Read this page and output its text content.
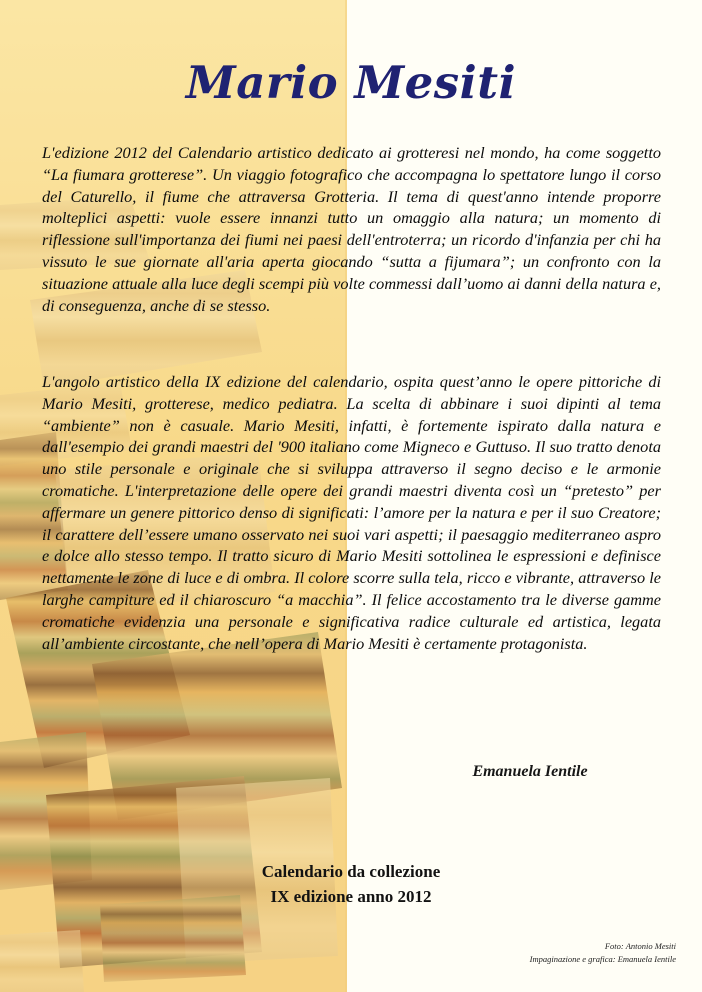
Mario Mesiti

L'edizione 2012 del Calendario artistico dedicato ai grotteresi nel mondo, ha come soggetto “La fiumara grotterese”. Un viaggio fotografico che accompagna lo spettatore lungo il corso del Caturello, il fiume che attraversa Grotteria. Il tema di quest'anno intende proporre molteplici aspetti: vuole essere innanzi tutto un omaggio alla natura; un momento di riflessione sull'importanza dei fiumi nei paesi dell'entroterra; un ricordo d'infanzia per chi ha vissuto le sue giornate all'aria aperta giocando “sutta a fijumara”; un confronto con la situazione attuale alla luce degli scempi più volte commessi dall’uomo ai danni della natura e, di conseguenza, anche di se stesso.

L'angolo artistico della IX edizione del calendario, ospita quest’anno le opere pittoriche di Mario Mesiti, grotterese, medico pediatra. La scelta di abbinare i suoi dipinti al tema “ambiente” non è casuale. Mario Mesiti, infatti, è fortemente ispirato dalla natura e dall'esempio dei grandi maestri del '900 italiano come Migneco e Guttuso. Il suo tratto denota uno stile personale e originale che si sviluppa attraverso il segno deciso e le armonie cromatiche. L'interpretazione delle opere dei grandi maestri diventa così un “pretesto” per affermare un genere pittorico denso di significati: l’amore per la natura e per il suo Creatore; il carattere dell’essere umano osservato nei suoi vari aspetti; il paesaggio mediterraneo aspro e dolce allo stesso tempo. Il tratto sicuro di Mario Mesiti sottolinea le espressioni e definisce nettamente le zone di luce e di ombra. Il colore scorre sulla tela, ricco e vibrante, attraverso le larghe campiture ed il chiaroscuro “a macchia”. Il felice accostamento tra le diverse gamme cromatiche evidenzia una personale e significativa radice culturale ed artistica, legata all’ambiente circostante, che nell’opera di Mario Mesiti è certamente protagonista.

Emanuela Ientile
Calendario da collezione
IX edizione anno 2012
Foto: Antonio Mesiti
Impaginazione e grafica: Emanuela Ientile
